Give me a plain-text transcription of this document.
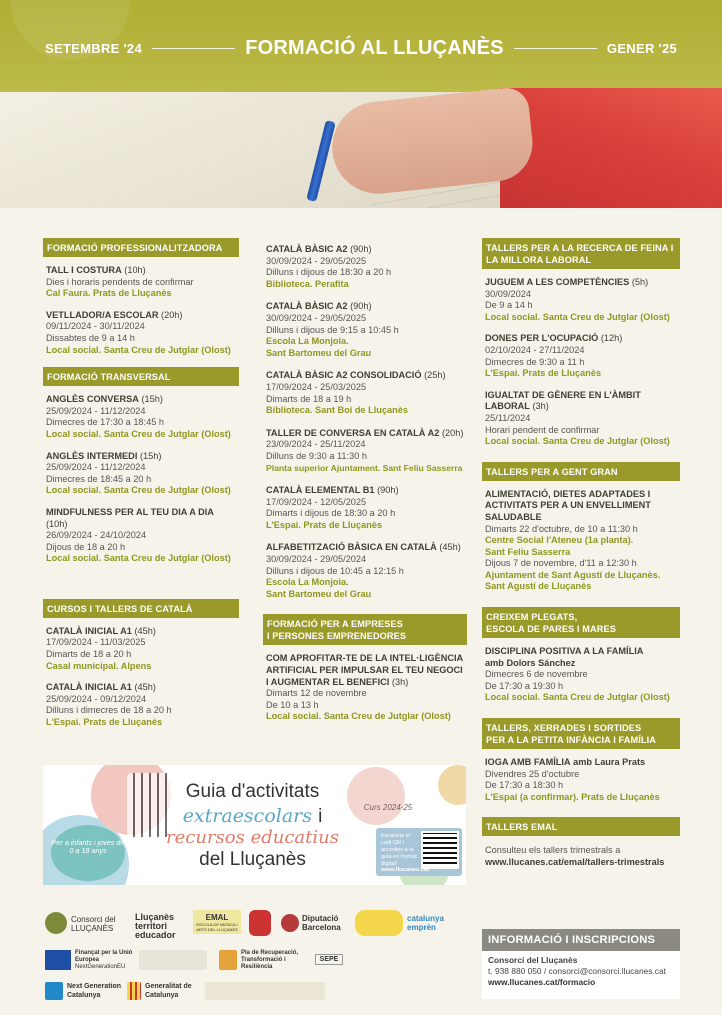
SETEMBRE '24	FORMACIÓ AL LLUÇANÈS	GENER '25
FORMACIÓ PROFESSIONALITZADORA
TALL I COSTURA (10h)
Dies i horaris pendents de confirmar
Cal Faura. Prats de Lluçanès
VETLLADOR/A ESCOLAR (20h)
09/11/2024 - 30/11/2024
Dissabtes de 9 a 14 h
Local social. Santa Creu de Jutglar (Olost)
FORMACIÓ TRANSVERSAL
ANGLÈS CONVERSA (15h)
25/09/2024 - 11/12/2024
Dimecres de 17:30 a 18:45 h
Local social. Santa Creu de Jutglar (Olost)
ANGLÈS INTERMEDI (15h)
25/09/2024 - 11/12/2024
Dimecres de 18:45 a 20 h
Local social. Santa Creu de Jutglar (Olost)
MINDFULNESS PER AL TEU DIA A DIA (10h)
26/09/2024 - 24/10/2024
Dijous de 18 a 20 h
Local social. Santa Creu de Jutglar (Olost)
CURSOS I TALLERS DE CATALÀ
CATALÀ INICIAL A1 (45h)
17/09/2024 - 11/03/2025
Dimarts de 18 a 20 h
Casal municipal. Alpens
CATALÀ INICIAL A1 (45h)
25/09/2024 - 09/12/2024
Dilluns i dimecres de 18 a 20 h
L'Espai. Prats de Lluçanès
CATALÀ BÀSIC A2 (90h)
30/09/2024 - 29/05/2025
Dilluns i dijous de 18:30 a 20 h
Biblioteca. Perafita
CATALÀ BÀSIC A2 (90h)
30/09/2024 - 29/05/2025
Dilluns i dijous de 9:15 a 10:45 h
Escola La Monjoia.
Sant Bartomeu del Grau
CATALÀ BÀSIC A2 CONSOLIDACIÓ (25h)
17/09/2024 - 25/03/2025
Dimarts de 18 a 19 h
Biblioteca. Sant Boi de Lluçanès
TALLER DE CONVERSA EN CATALÀ A2 (20h)
23/09/2024 - 25/11/2024
Dilluns de 9:30 a 11:30 h
Planta superior Ajuntament. Sant Feliu Sasserra
CATALÀ ELEMENTAL B1 (90h)
17/09/2024 - 12/05/2025
Dimarts i dijous de 18:30 a 20 h
L'Espai. Prats de Lluçanès
ALFABETITZACIÓ BÀSICA EN CATALÀ (45h)
30/09/2024 - 29/05/2024
Dilluns i dijous de 10:45 a 12:15 h
Escola La Monjoia.
Sant Bartomeu del Grau
FORMACIÓ PER A EMPRESES
I PERSONES EMPRENEDORES
COM APROFITAR-TE DE LA INTEL·LIGÈNCIA ARTIFICIAL PER IMPULSAR EL TEU NEGOCI I AUGMENTAR EL BENEFICI (3h)
Dimarts 12 de novembre
De 10 a 13 h
Local social. Santa Creu de Jutglar (Olost)
TALLERS PER A LA RECERCA DE FEINA I
LA MILLORA LABORAL
JUGUEM A LES COMPETÈNCIES (5h)
30/09/2024
De 9 a 14 h
Local social. Santa Creu de Jutglar (Olost)
DONES PER L'OCUPACIÓ (12h)
02/10/2024 - 27/11/2024
Dimecres de 9:30 a 11 h
L'Espai. Prats de Lluçanès
IGUALTAT DE GÈNERE EN L'ÀMBIT LABORAL (3h)
25/11/2024
Horari pendent de confirmar
Local social. Santa Creu de Jutglar (Olost)
TALLERS PER A GENT GRAN
ALIMENTACIÓ, DIETES ADAPTADES I ACTIVITATS PER A UN ENVELLIMENT SALUDABLE
Dimarts 22 d'octubre, de 10 a 11:30 h
Centre Social l'Ateneu (1a planta).
Sant Feliu Sasserra
Dijous 7 de novembre, d'11 a 12:30 h
Ajuntament de Sant Agustí de Lluçanès.
Sant Agustí de Lluçanès
CREIXEM PLEGATS,
ESCOLA DE PARES I MARES
DISCIPLINA POSITIVA A LA FAMÍLIA
amb Dolors Sánchez
Dimecres 6 de novembre
De 17:30 a 19:30 h
Local social. Santa Creu de Jutglar (Olost)
TALLERS, XERRADES I SORTIDES
PER A LA PETITA INFÀNCIA I FAMÍLIA
IOGA AMB FAMÍLIA amb Laura Prats
Divendres 25 d'octubre
De 17:30 a 18:30 h
L'Espai (a confirmar). Prats de Lluçanès
TALLERS EMAL
Consulteu els tallers trimestrals a
www.llucanes.cat/emal/tallers-trimestrals
Per a infants i joves de 0 a 18 anys
Guia d'activitats
extraescolars i
recursos educatius
del Lluçanès
Curs 2024-25
Escaneja el codi QR i accedeix a la guia en format digital!
www.llucanes.cat
Consorci del LLUÇANÈS
Lluçanès territori educador
EMAL
ESCOLA DE MÚSICA I ARTS DEL LLUÇANÈS
Diputació Barcelona
catalunya emprèn
Finançat per la Unió Europea
NextGenerationEU
Pla de Recuperació, Transformació i Resiliència
SEPE
Next Generation Catalunya
Generalitat de Catalunya
INFORMACIÓ I INSCRIPCIONS
Consorci del Lluçanès
t. 938 880 050 / consorci@consorci.llucanes.cat
www.llucanes.cat/formacio
